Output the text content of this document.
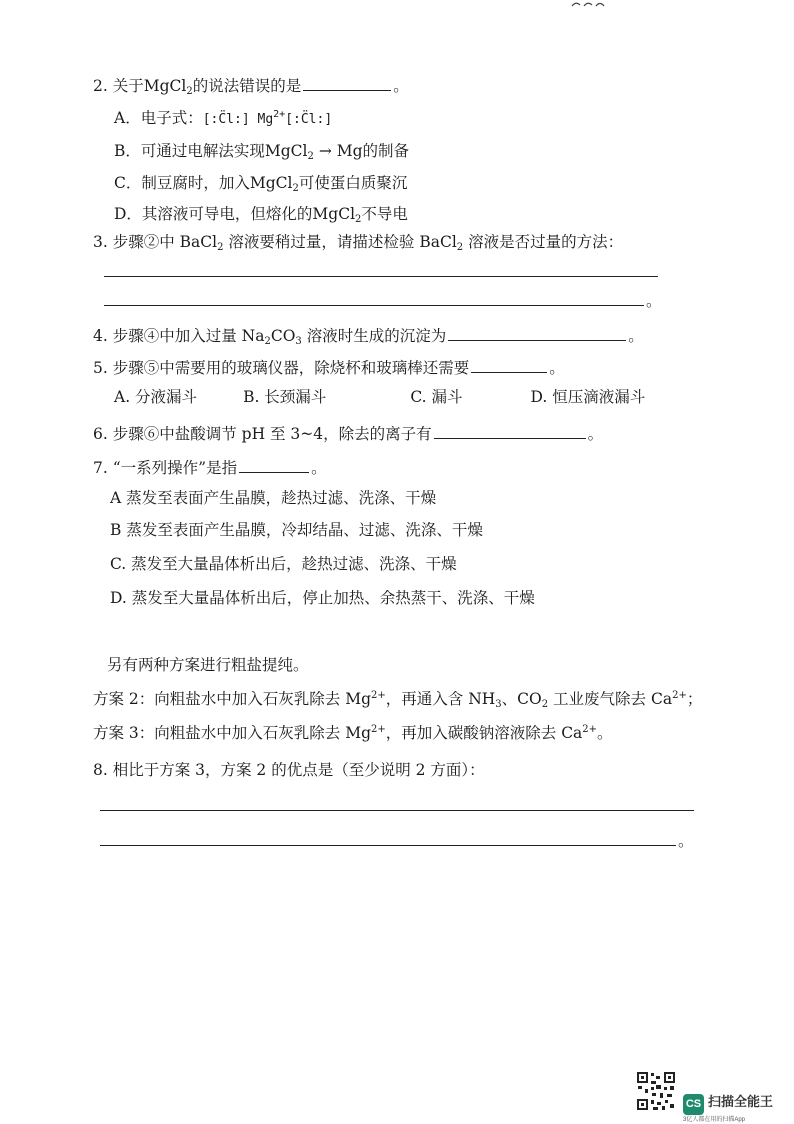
2. 关于MgCl$_2$的说法错误的是	。
A．电子式：[:C̈l:] $Mg^{2+}[:C̈l:]$
B．可通过电解法实现MgCl$_2$ → Mg的制备
C．制豆腐时，加入MgCl$_2$可使蛋白质聚沉
D．其溶液可导电，但熔化的MgCl$_2$不导电
3. 步骤②中 BaCl$_2$ 溶液要稍过量，请描述检验 BaCl$_2$ 溶液是否过量的方法：
。
4. 步骤④中加入过量 $Na_2CO_3$ 溶液时生成的沉淀为	。
5. 步骤⑤中需要用的玻璃仪器，除烧杯和玻璃棒还需要	。
A. 分液漏斗	B. 长颈漏斗	C. 漏斗	D. 恒压滴液漏斗
6. 步骤⑥中盐酸调节 pH 至 3~4，除去的离子有	。
7. “一系列操作”是指	。
A 蒸发至表面产生晶膜，趁热过滤、洗涤、干燥
B 蒸发至表面产生晶膜，冷却结晶、过滤、洗涤、干燥
C. 蒸发至大量晶体析出后，趁热过滤、洗涤、干燥
D. 蒸发至大量晶体析出后，停止加热、余热蒸干、洗涤、干燥
另有两种方案进行粗盐提纯。
方案 2：向粗盐水中加入石灰乳除去 $Mg^{2+}$，再通入含 $NH_3$、$CO_2$ 工业废气除去 $Ca^{2+}$；
方案 3：向粗盐水中加入石灰乳除去 $Mg^{2+}$，再加入碳酸钠溶液除去 $Ca^{2+}$。
8. 相比于方案 3，方案 2 的优点是（至少说明 2 方面）：
。
CS 扫描全能王
3亿人都在用的扫描App
